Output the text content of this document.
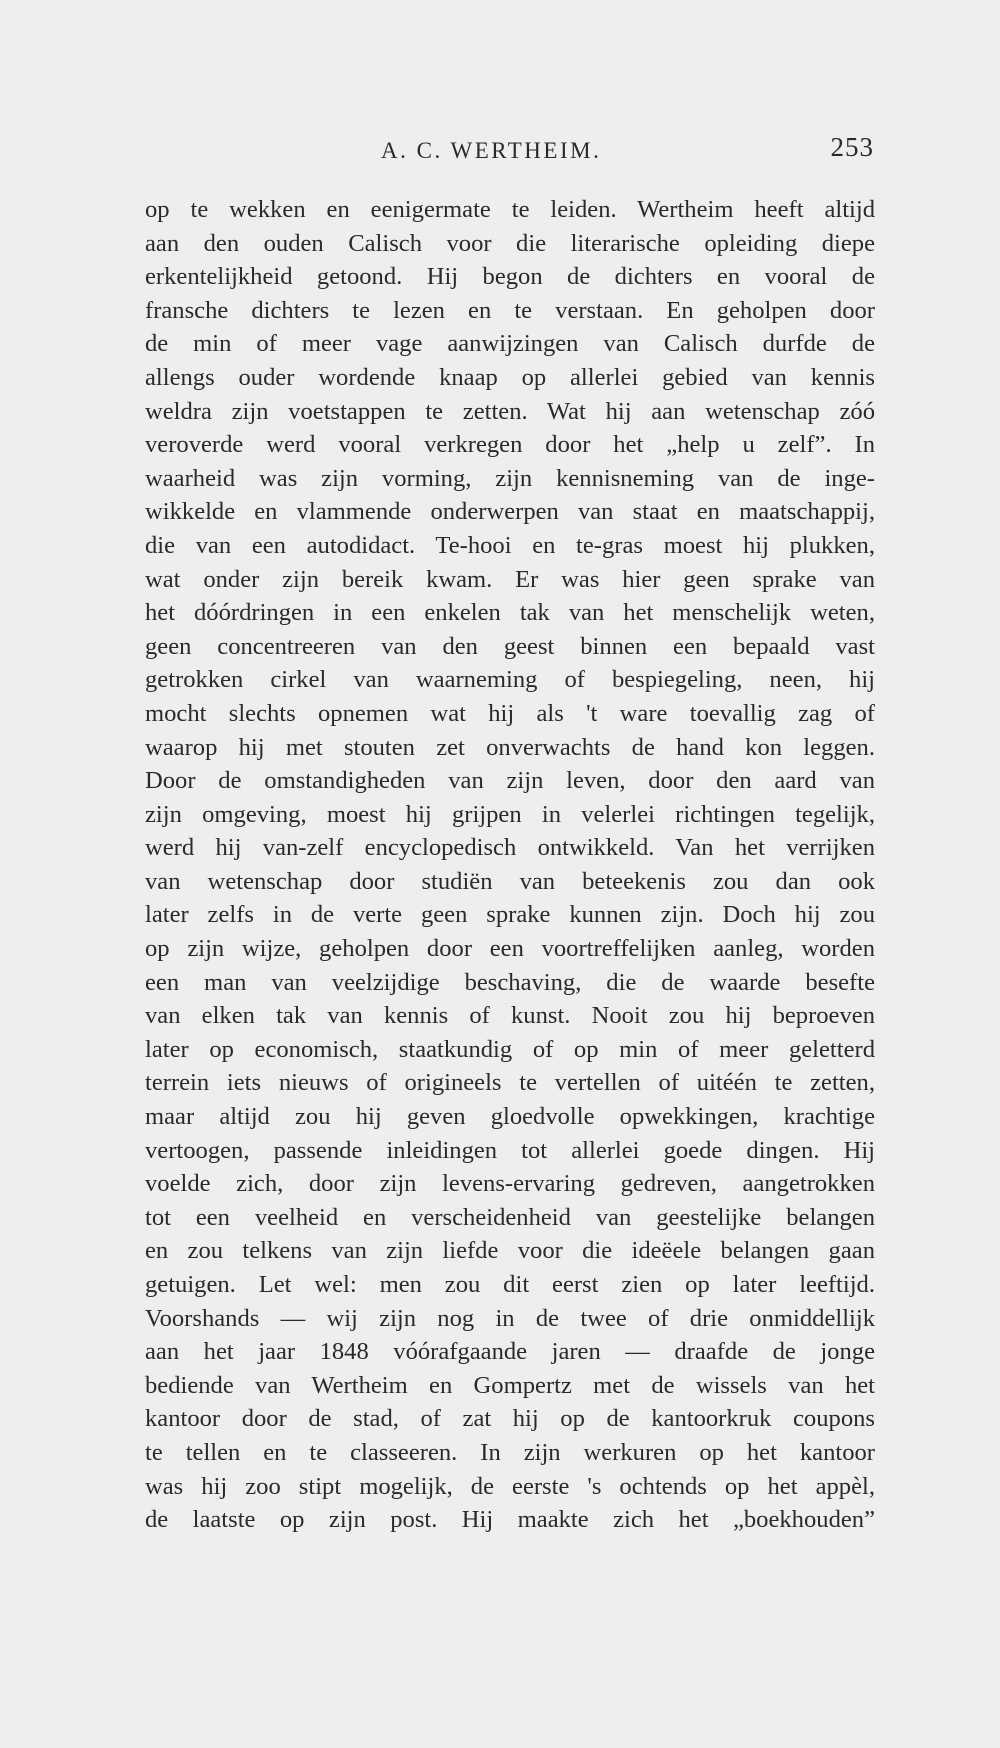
A. C. WERTHEIM.	253
op te wekken en eenigermate te leiden. Wertheim heeft altijd
aan den ouden Calisch voor die literarische opleiding diepe
erkentelijkheid getoond. Hij begon de dichters en vooral de
fransche dichters te lezen en te verstaan. En geholpen door
de min of meer vage aanwijzingen van Calisch durfde de
allengs ouder wordende knaap op allerlei gebied van kennis
weldra zijn voetstappen te zetten. Wat hij aan wetenschap zóó
veroverde werd vooral verkregen door het „help u zelf”. In
waarheid was zijn vorming, zijn kennisneming van de inge-
wikkelde en vlammende onderwerpen van staat en maatschappij,
die van een autodidact. Te-hooi en te-gras moest hij plukken,
wat onder zijn bereik kwam. Er was hier geen sprake van
het dóórdringen in een enkelen tak van het menschelijk weten,
geen concentreeren van den geest binnen een bepaald vast
getrokken cirkel van waarneming of bespiegeling, neen, hij
mocht slechts opnemen wat hij als 't ware toevallig zag of
waarop hij met stouten zet onverwachts de hand kon leggen.
Door de omstandigheden van zijn leven, door den aard van
zijn omgeving, moest hij grijpen in velerlei richtingen tegelijk,
werd hij van-zelf encyclopedisch ontwikkeld. Van het verrijken
van wetenschap door studiën van beteekenis zou dan ook
later zelfs in de verte geen sprake kunnen zijn. Doch hij zou
op zijn wijze, geholpen door een voortreffelijken aanleg, worden
een man van veelzijdige beschaving, die de waarde besefte
van elken tak van kennis of kunst. Nooit zou hij beproeven
later op economisch, staatkundig of op min of meer geletterd
terrein iets nieuws of origineels te vertellen of uitéén te zetten,
maar altijd zou hij geven gloedvolle opwekkingen, krachtige
vertoogen, passende inleidingen tot allerlei goede dingen. Hij
voelde zich, door zijn levens-ervaring gedreven, aangetrokken
tot een veelheid en verscheidenheid van geestelijke belangen
en zou telkens van zijn liefde voor die ideëele belangen gaan
getuigen. Let wel: men zou dit eerst zien op later leeftijd.
Voorshands — wij zijn nog in de twee of drie onmiddellijk
aan het jaar 1848 vóórafgaande jaren — draafde de jonge
bediende van Wertheim en Gompertz met de wissels van het
kantoor door de stad, of zat hij op de kantoorkruk coupons
te tellen en te classeeren. In zijn werkuren op het kantoor
was hij zoo stipt mogelijk, de eerste 's ochtends op het appèl,
de laatste op zijn post. Hij maakte zich het „boekhouden”
